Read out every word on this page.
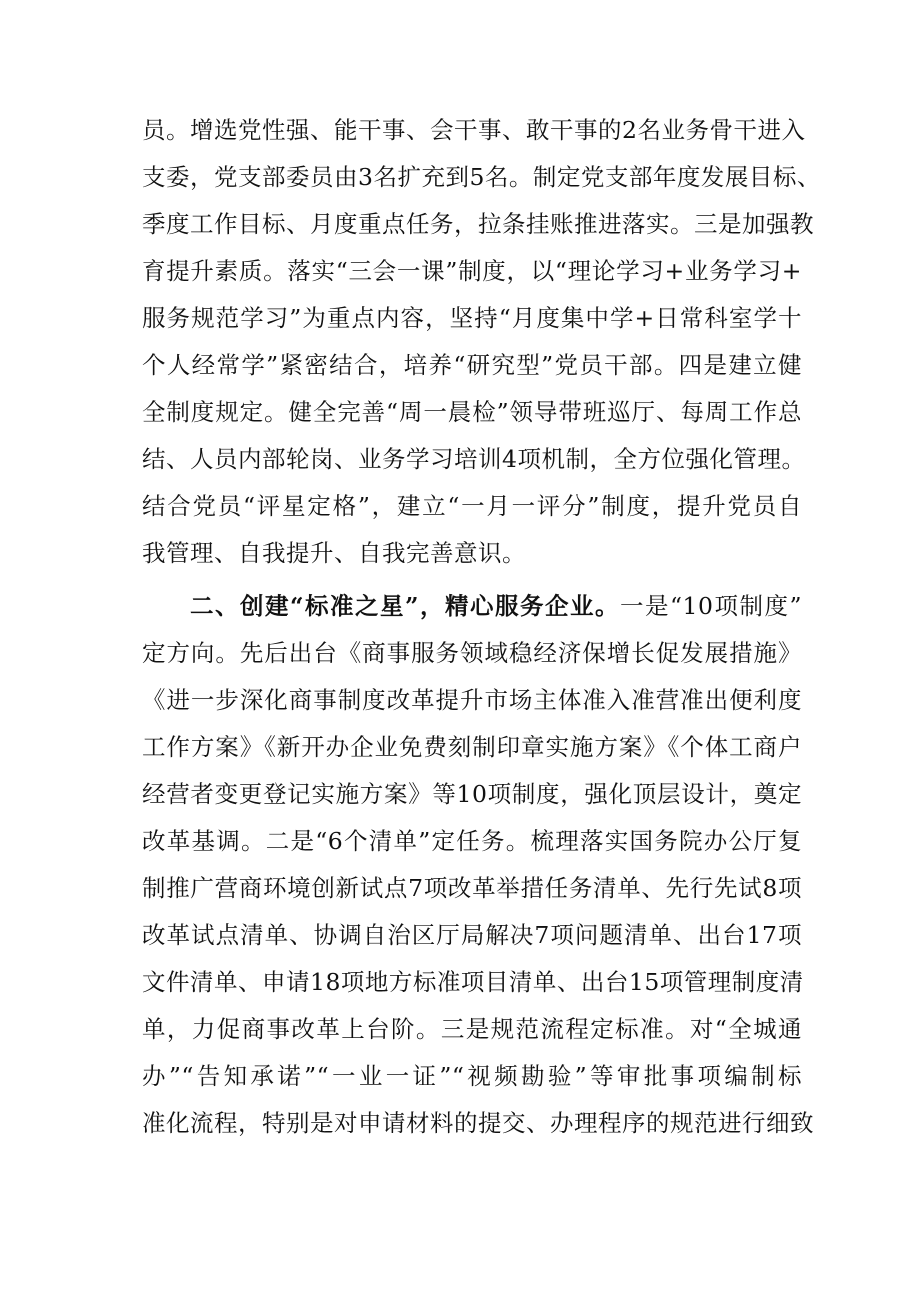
员。增选党性强、能干事、会干事、敢干事的2名业务骨干进入
支委，党支部委员由3名扩充到5名。制定党支部年度发展目标、
季度工作目标、月度重点任务，拉条挂账推进落实。三是加强教
育提升素质。落实“三会一课”制度，以“理论学习+业务学习+
服务规范学习”为重点内容，坚持“月度集中学+日常科室学十
个人经常学”紧密结合，培养“研究型”党员干部。四是建立健
全制度规定。健全完善“周一晨检”领导带班巡厅、每周工作总
结、人员内部轮岗、业务学习培训4项机制，全方位强化管理。
结合党员“评星定格”，建立“一月一评分”制度，提升党员自
我管理、自我提升、自我完善意识。
二、创建“标准之星”，精心服务企业。一是“10项制度”
定方向。先后出台《商事服务领域稳经济保增长促发展措施》
《进一步深化商事制度改革提升市场主体准入准营准出便利度
工作方案》《新开办企业免费刻制印章实施方案》《个体工商户
经营者变更登记实施方案》等10项制度，强化顶层设计，奠定
改革基调。二是“6个清单”定任务。梳理落实国务院办公厅复
制推广营商环境创新试点7项改革举措任务清单、先行先试8项
改革试点清单、协调自治区厅局解决7项问题清单、出台17项
文件清单、申请18项地方标准项目清单、出台15项管理制度清
单，力促商事改革上台阶。三是规范流程定标准。对“全城通
办”“告知承诺”“一业一证”“视频勘验”等审批事项编制标
准化流程，特别是对申请材料的提交、办理程序的规范进行细致
